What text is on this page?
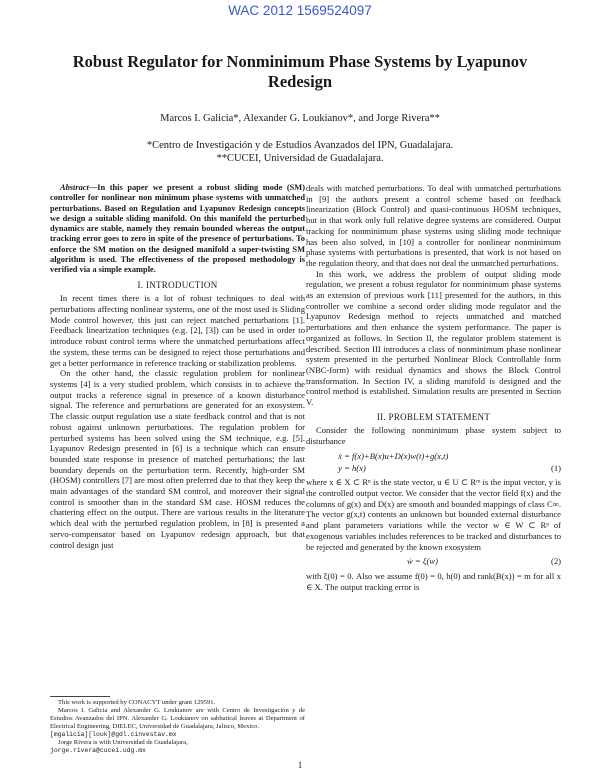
WAC 2012 1569524097
Robust Regulator for Nonminimum Phase Systems by Lyapunov Redesign
Marcos I. Galicia*, Alexander G. Loukianov*, and Jorge Rivera**
*Centro de Investigación y de Estudios Avanzados del IPN, Guadalajara.
**CUCEI, Universidad de Guadalajara.

Abstract—In this paper we present a robust sliding mode (SM) controller for nonlinear non minimum phase systems with unmatched perturbations. Based on Regulation and Lyapunov Redesign concepts we design a suitable sliding manifold. On this manifold the perturbed dynamics are stable, namely they remain bounded whereas the output tracking error goes to zero in spite of the presence of perturbations. To enforce the SM motion on the designed manifold a super-twisting SM algorithm is used. The effectiveness of the proposed methodology is verified via a simple example.

I. INTRODUCTION

In recent times there is a lot of robust techniques to deal with perturbations affecting nonlinear systems, one of the most used is Sliding Mode control however, this just can reject matched perturbations [1]. Feedback linearization techniques (e.g. [2], [3]) can be used in order to introduce robust control terms where the unmatched perturbations affect the system, these terms can be designed to reject those perturbations and get a better performance in reference tracking or stabilization problems.

On the other hand, the classic regulation problem for nonlinear systems [4] is a very studied problem, which consists in to achieve the output tracks a reference signal in presence of a known disturbance signal. The reference and perturbations are generated for an exosystem. The classic output regulation use a state feedback control and that is not robust against unknown perturbations. The regulation problem for perturbed systems has been solved using the SM technique, e.g. [5]. Lyapunov Redesign presented in [6] is a technique which can ensure bounded state response in presence of matched perturbations; the last boundary depends on the perturbation term. Recently, high-order SM (HOSM) controllers [7] are most often preferred due to that they keep the main advantages of the standard SM control, and moreover their signal control is smoother than in the standard SM case. HOSM reduces the chattering effect on the output. There are various results in the literature which deal with the perturbed regulation problem, in [8] is presented a servo-compensator based on Lyapunov redesign approach, but that control design just

This work is supported by CONACYT under grant 129591.

Marcos I. Galicia and Alexander G. Loukianov are with Centro de Investigación y de Estudios Avanzados del IPN. Alexander G. Loukianov on sabbatical leaves at Department of Electrical Engineering, DIELEC, Universidad de Guadalajara, Jalisco, Mexico.

[mgalicia][louk]@gdl.cinvestav.mx

Jorge Rivera is with Universidad de Guadalajara,

jorge.rivera@cucei.udg.mx

deals with matched perturbations. To deal with unmatched perturbations in [9] the authors present a control scheme based on feedback linearization (Block Control) and quasi-continuous HOSM techniques, but in that work only full relative degree systems are considered. Output tracking for nonminimum phase systems using sliding mode technique has been also solved, in [10] a controller for nonlinear nonminimum phase systems with perturbations is presented, that work is not based on the regulation theory, and that does not deal the unmatched perturbations.

In this work, we address the problem of output sliding mode regulation, we present a robust regulator for nonminimum phase systems as an extension of previous work [11] presented for the authors, in this controller we combine a second order sliding mode regulator and the Lyapunov Redesign method to rejects unmatched and matched perturbations and then enhance the system performance. The paper is organized as follows. In Section II, the regulator problem statement is described. Section III introduces a class of nonminimum phase nonlinear system presented in the perturbed Nonlinear Block Controllable form (NBC-form) with residual dynamics and shows the Block Control transformation. In Section IV, a sliding manifold is designed and the control method is established. Simulation results are presented in Section V.

II. PROBLEM STATEMENT

Consider the following nonminimum phase system subject to disturbance

ẋ = f(x)+B(x)u+D(x)w(t)+g(x,t)
y = h(x)	(1)

where x ∈ X ⊂ Rⁿ is the state vector, u ∈ U ⊂ Rᵐ is the input vector, y is the controlled output vector. We consider that the vector field f(x) and the columns of g(x) and D(x) are smooth and bounded mappings of class C∞. The vector g(x,t) contents an unknown but bounded external disturbance and plant parameters variations while the vector w ∈ W ⊂ Rᵖ of exogenous variables includes references to be tracked and disturbances to be rejected and generated by the known exosystem

ẇ = ξ(w)	(2)

with ξ(0) = 0. Also we assume f(0) = 0, h(0) and rank(B(x)) = m for all x ∈ X. The output tracking error is

1
